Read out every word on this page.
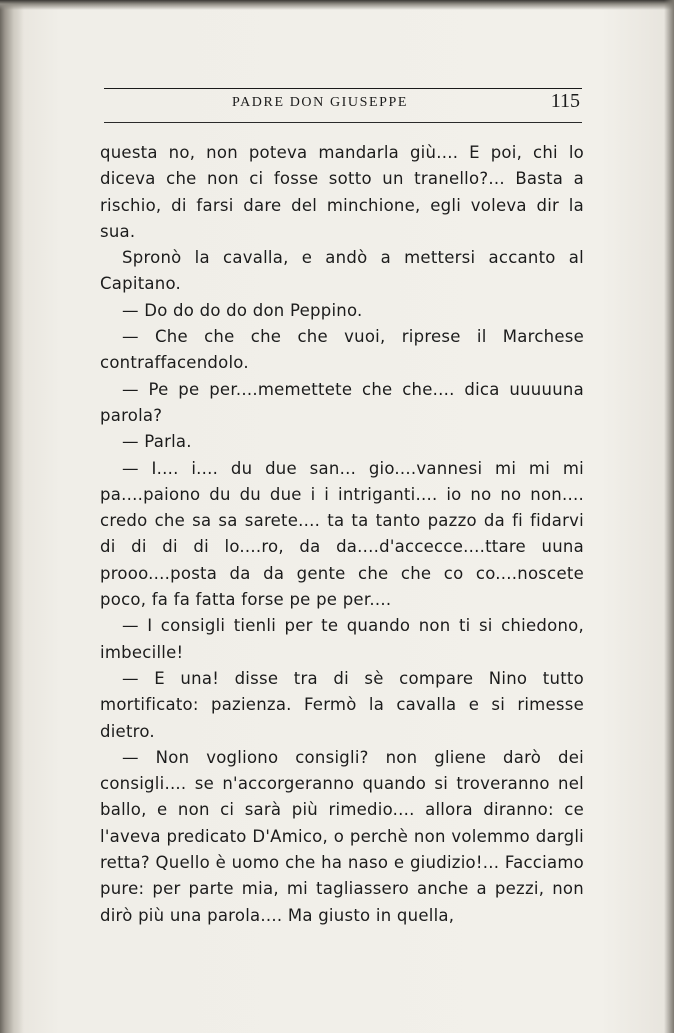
PADRE DON GIUSEPPE	115

questa no, non poteva mandarla giù.... E poi, chi lo diceva che non ci fosse sotto un tranello?... Basta a rischio, di farsi dare del minchione, egli voleva dir la sua.

Spronò la cavalla, e andò a mettersi accanto al Capitano.

— Do do do do don Peppino.

— Che che che che vuoi, riprese il Marchese contraffacendolo.

— Pe pe per....memettete che che.... dica uuuuuna parola?

— Parla.

— I.... i.... du due san... gio....vannesi mi mi mi pa....paiono du du due i i intriganti.... io no no non.... credo che sa sa sarete.... ta ta tanto pazzo da fi fidarvi di di di di lo....ro, da da....d'accecce....ttare uuna prooo....posta da da gente che che co co....noscete poco, fa fa fatta forse pe pe per....

— I consigli tienli per te quando non ti si chiedono, imbecille!

— E una! disse tra di sè compare Nino tutto mortificato: pazienza. Fermò la cavalla e si rimesse dietro.

— Non vogliono consigli? non gliene darò dei consigli.... se n'accorgeranno quando si troveranno nel ballo, e non ci sarà più rimedio.... allora diranno: ce l'aveva predicato D'Amico, o perchè non volemmo dargli retta? Quello è uomo che ha naso e giudizio!... Facciamo pure: per parte mia, mi tagliassero anche a pezzi, non dirò più una parola.... Ma giusto in quella,
